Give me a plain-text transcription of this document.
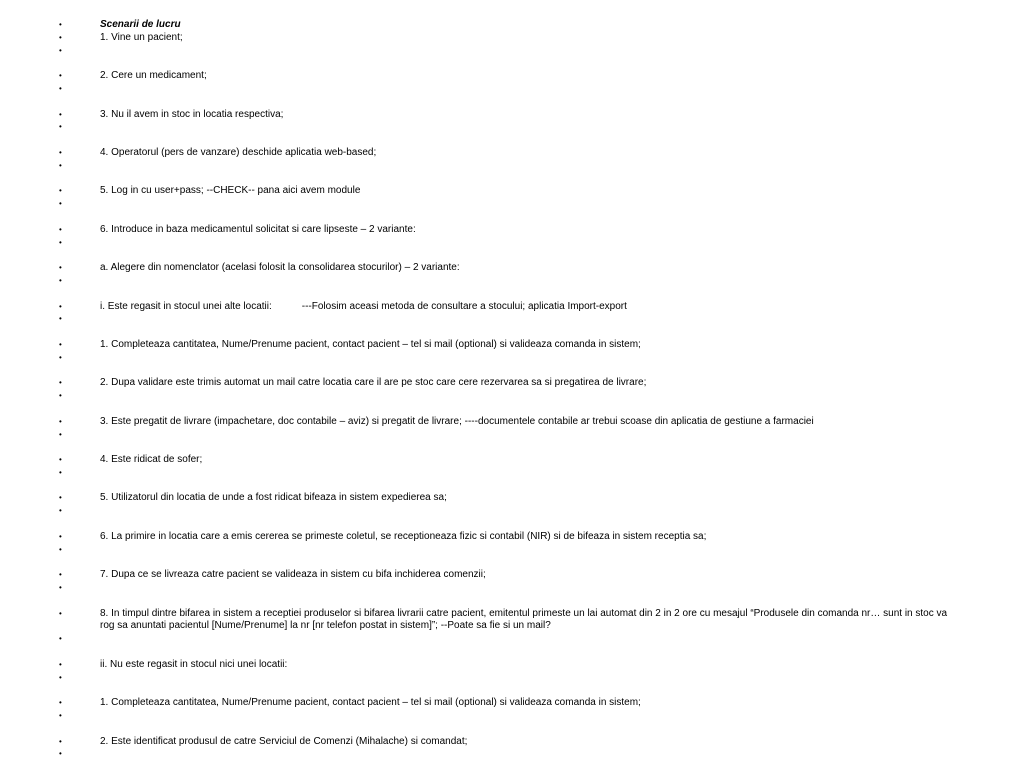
•	Scenarii de lucru
•	1. Vine un pacient;
•
•	2. Cere un medicament;
•
•	3. Nu il avem in stoc in locatia respectiva;
•
•	4. Operatorul (pers de vanzare) deschide aplicatia web-based;
•
•	5. Log in cu user+pass; --CHECK-- pana aici avem module
•
•	6. Introduce in baza medicamentul solicitat si care lipseste – 2 variante:
•
•	a. Alegere din nomenclator (acelasi folosit la consolidarea stocurilor) – 2 variante:
•
•	i. Este regasit in stocul unei alte locatii:	---Folosim aceasi metoda de consultare a stocului; aplicatia Import-export
•
•	1. Completeaza cantitatea, Nume/Prenume pacient, contact pacient – tel si mail (optional) si valideaza comanda in sistem;
•
•	2. Dupa validare este trimis automat un mail catre locatia care il are pe stoc care cere rezervarea sa si pregatirea de livrare;
•
•	3. Este pregatit de livrare (impachetare, doc contabile – aviz) si pregatit de livrare; ----documentele contabile ar trebui scoase din aplicatia de gestiune a farmaciei
•
•	4. Este ridicat de sofer;
•
•	5. Utilizatorul din locatia de unde a fost ridicat bifeaza in sistem expedierea sa;
•
•	6. La primire in locatia care a emis cererea se primeste coletul, se receptioneaza fizic si contabil (NIR) si de bifeaza in sistem receptia sa;
•
•	7. Dupa ce se livreaza catre pacient se valideaza in sistem cu bifa inchiderea comenzii;
•
•	8. In timpul dintre bifarea in sistem a receptiei produselor si bifarea livrarii catre pacient, emitentul primeste un lai automat din 2 in 2 ore cu mesajul “Produsele din comanda nr… sunt in stoc va rog sa anuntati pacientul [Nume/Prenume] la nr [nr telefon postat in sistem]”; --Poate sa fie si un mail?
•
•	ii. Nu este regasit in stocul nici unei locatii:
•
•	1. Completeaza cantitatea, Nume/Prenume pacient, contact pacient – tel si mail (optional) si valideaza comanda in sistem;
•
•	2. Este identificat produsul de catre Serviciul de Comenzi (Mihalache) si comandat;
•
